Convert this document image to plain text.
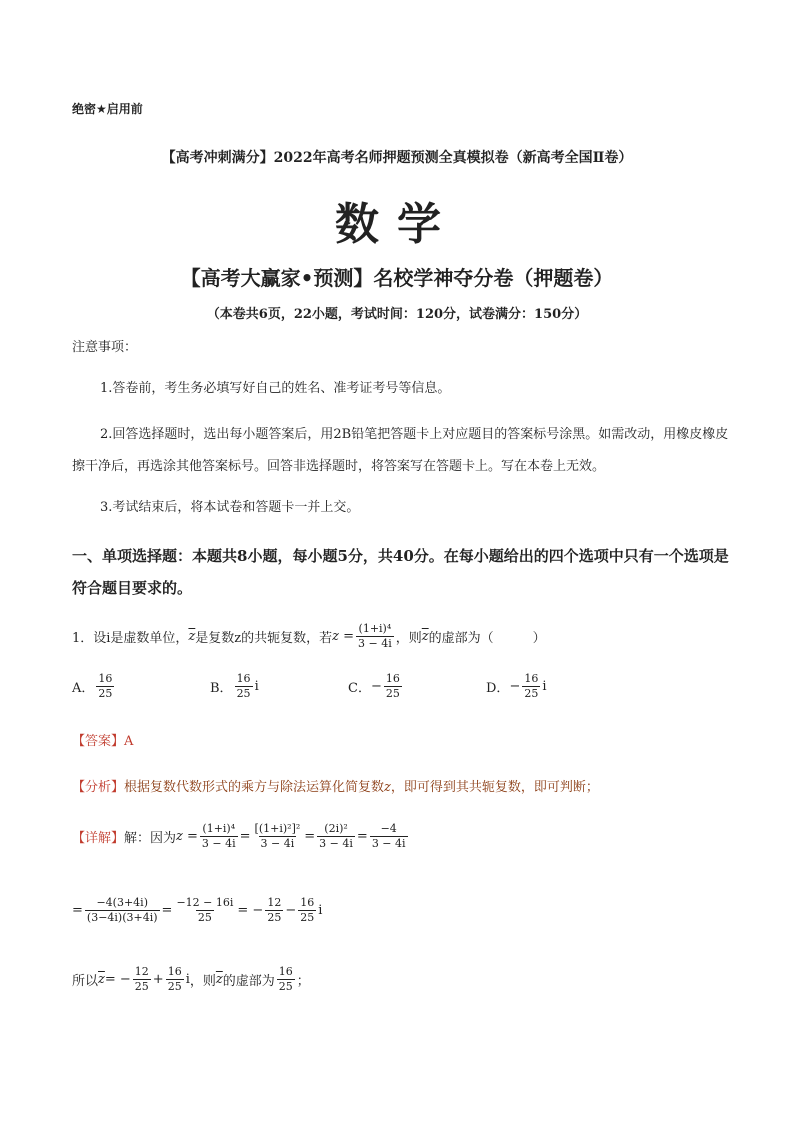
绝密★启用前
【高考冲刺满分】2022年高考名师押题预测全真模拟卷（新高考全国Ⅱ卷）
数学
【高考大赢家•预测】名校学神夺分卷（押题卷）
（本卷共6页，22小题，考试时间：120分，试卷满分：150分）
注意事项：
1.答卷前，考生务必填写好自己的姓名、准考证考号等信息。
2.回答选择题时，选出每小题答案后，用2B铅笔把答题卡上对应题目的答案标号涂黑。如需改动，用橡皮橡皮擦干净后，再选涂其他答案标号。回答非选择题时，将答案写在答题卡上。写在本卷上无效。
3.考试结束后，将本试卷和答题卡一并上交。
一、单项选择题：本题共8小题，每小题5分，共40分。在每小题给出的四个选项中只有一个选项是符合题目要求的。
1．设i是虚数单位， $\overline{z}$ 是复数z的共轭复数，若 $z = \frac{\text{(1+i)⁴}}{3 - 4i}$ ，则 $\overline{z}$ 的虚部为（　　　）
A． $\frac{16}{25}$	B． $\frac{16}{25}$ i	C． − $\frac{16}{25}$	D． − $\frac{16}{25}$ i
【答案】A
【分析】根据复数代数形式的乘方与除法运算化简复数z，即可得到其共轭复数，即可判断；
【详解】 解：因为 $z = \frac{\text{(1+i)⁴}}{3 - 4i} = \frac{\text{[(1+i)²]²}}{3 - 4i} = \frac{\text{(2i)²}}{3 - 4i} = \frac{-4}{3 - 4i}$
= $\frac{-4(3+4i)}{(3-4i)(3+4i)} = \frac{-12 - 16i}{25}$ = − $\frac{12}{25} - \frac{16}{25}$ i
所以 $\overline{z}$ = − $\frac{12}{25} + \frac{16}{25}$ i ，则 $\overline{z}$ 的虚部为 $\frac{16}{25}$ ；
